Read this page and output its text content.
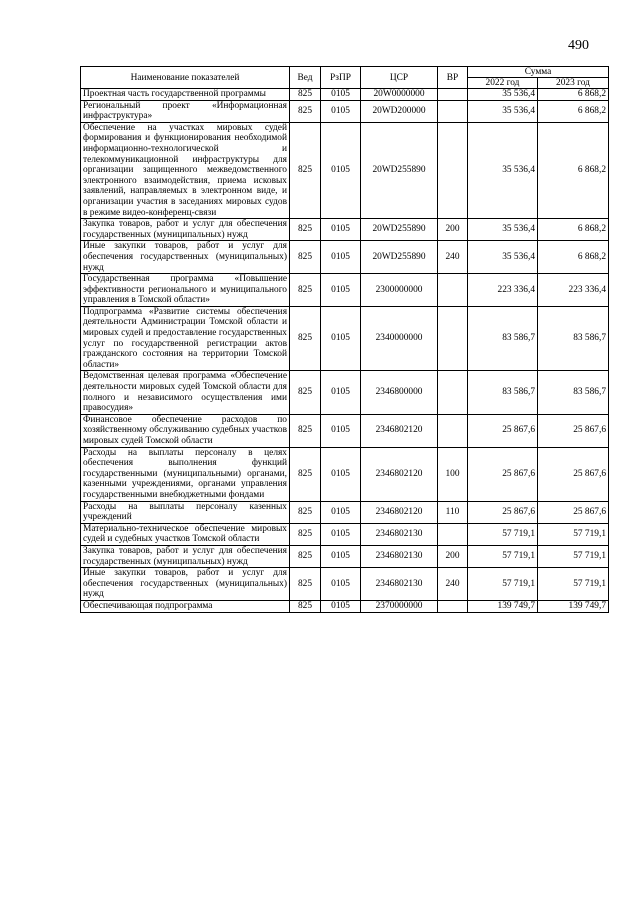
490
Наименование показателей	Вед	РзПР	ЦСР	ВР	Сумма	
					2022 год	2023 год
Проектная часть государственной программы	825	0105	20W0000000		35 536,4	6 868,2
Региональный проект «Информационная инфраструктура»	825	0105	20WD200000		35 536,4	6 868,2
Обеспечение на участках мировых судей формирования и функционирования необходимой информационно-технологической и телекоммуникационной инфраструктуры для организации защищенного межведомственного электронного взаимодействия, приема исковых заявлений, направляемых в электронном виде, и организации участия в заседаниях мировых судов в режиме видео-конференц-связи	825	0105	20WD255890		35 536,4	6 868,2
Закупка товаров, работ и услуг для обеспечения государственных (муниципальных) нужд	825	0105	20WD255890	200	35 536,4	6 868,2
Иные закупки товаров, работ и услуг для обеспечения государственных (муниципальных) нужд	825	0105	20WD255890	240	35 536,4	6 868,2
Государственная программа «Повышение эффективности регионального и муниципального управления в Томской области»	825	0105	2300000000		223 336,4	223 336,4
Подпрограмма «Развитие системы обеспечения деятельности Администрации Томской области и мировых судей и предоставление государственных услуг по государственной регистрации актов гражданского состояния на территории Томской области»	825	0105	2340000000		83 586,7	83 586,7
Ведомственная целевая программа «Обеспечение деятельности мировых судей Томской области для полного и независимого осуществления ими правосудия»	825	0105	2346800000		83 586,7	83 586,7
Финансовое обеспечение расходов по хозяйственному обслуживанию судебных участков мировых судей Томской области	825	0105	2346802120		25 867,6	25 867,6
Расходы на выплаты персоналу в целях обеспечения выполнения функций государственными (муниципальными) органами, казенными учреждениями, органами управления государственными внебюджетными фондами	825	0105	2346802120	100	25 867,6	25 867,6
Расходы на выплаты персоналу казенных учреждений	825	0105	2346802120	110	25 867,6	25 867,6
Материально-техническое обеспечение мировых судей и судебных участков Томской области	825	0105	2346802130		57 719,1	57 719,1
Закупка товаров, работ и услуг для обеспечения государственных (муниципальных) нужд	825	0105	2346802130	200	57 719,1	57 719,1
Иные закупки товаров, работ и услуг для обеспечения государственных (муниципальных) нужд	825	0105	2346802130	240	57 719,1	57 719,1
Обеспечивающая подпрограмма	825	0105	2370000000		139 749,7	139 749,7
